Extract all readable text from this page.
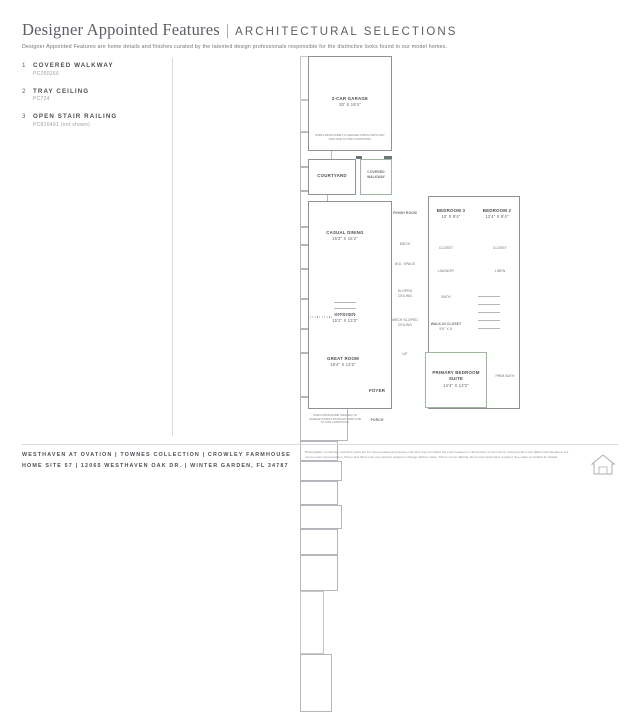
Designer Appointed Features | ARCHITECTURAL SELECTIONS
Designer Appointed Features are home details and finishes curated by the talented design professionals responsible for the distinctive looks found in our model homes.
1	COVERED WALKWAY
PC260266
2	TRAY CEILING
PC724
3	OPEN STAIR RAILING
PC816491 (not shown)
2-CAR GARAGE
20' X 19'4"
STEPS FROM HOME TO GARAGE/ PORCH/ PATIO MAY VARY DUE TO SITE CONDITIONS.
COURTYARD
COVERED WALKWAY
CASUAL DINING
15'2" X 15'2"

15'2" X 13'2"
GREAT ROOM
18'4" X 13'2"
FOYER
PORCH
STEPS FROM HOME (SPACES) TO GARAGE/ PORCH/ PATIO MAY VARY DUE TO SITE CONDITIONS.
FINISH ROOM
MECH
W.D. SPACE
SLOPED CEILING
MECH SLOPED CEILING
UP
BEDROOM 3
10' X 9'4"
BEDROOM 2
12'4" X 9'4"
CLOSET	CLOSET
LAUNDRY	LINEN
BATH
WALK-IN CLOSET
9'6" X 8'
PRIMARY BEDROOM SUITE
14'4" X 13'2"
PRIM BATH
WESTHAVEN AT OVATION | TOWNES COLLECTION | CROWLEY FARMHOUSE
HOME SITE 57 | 12065 WESTHAVEN OAK DR. | WINTER GARDEN, FL 34787
Photographs, renderings, and floor plans are for representational purposes only and may not reflect the exact features or dimensions of your home; actual product size differs and elevations are not an exact representation. Prices and offers may vary and are subject to change without notice. This is not an offering where prior approval is required. See sales consultant for details.
